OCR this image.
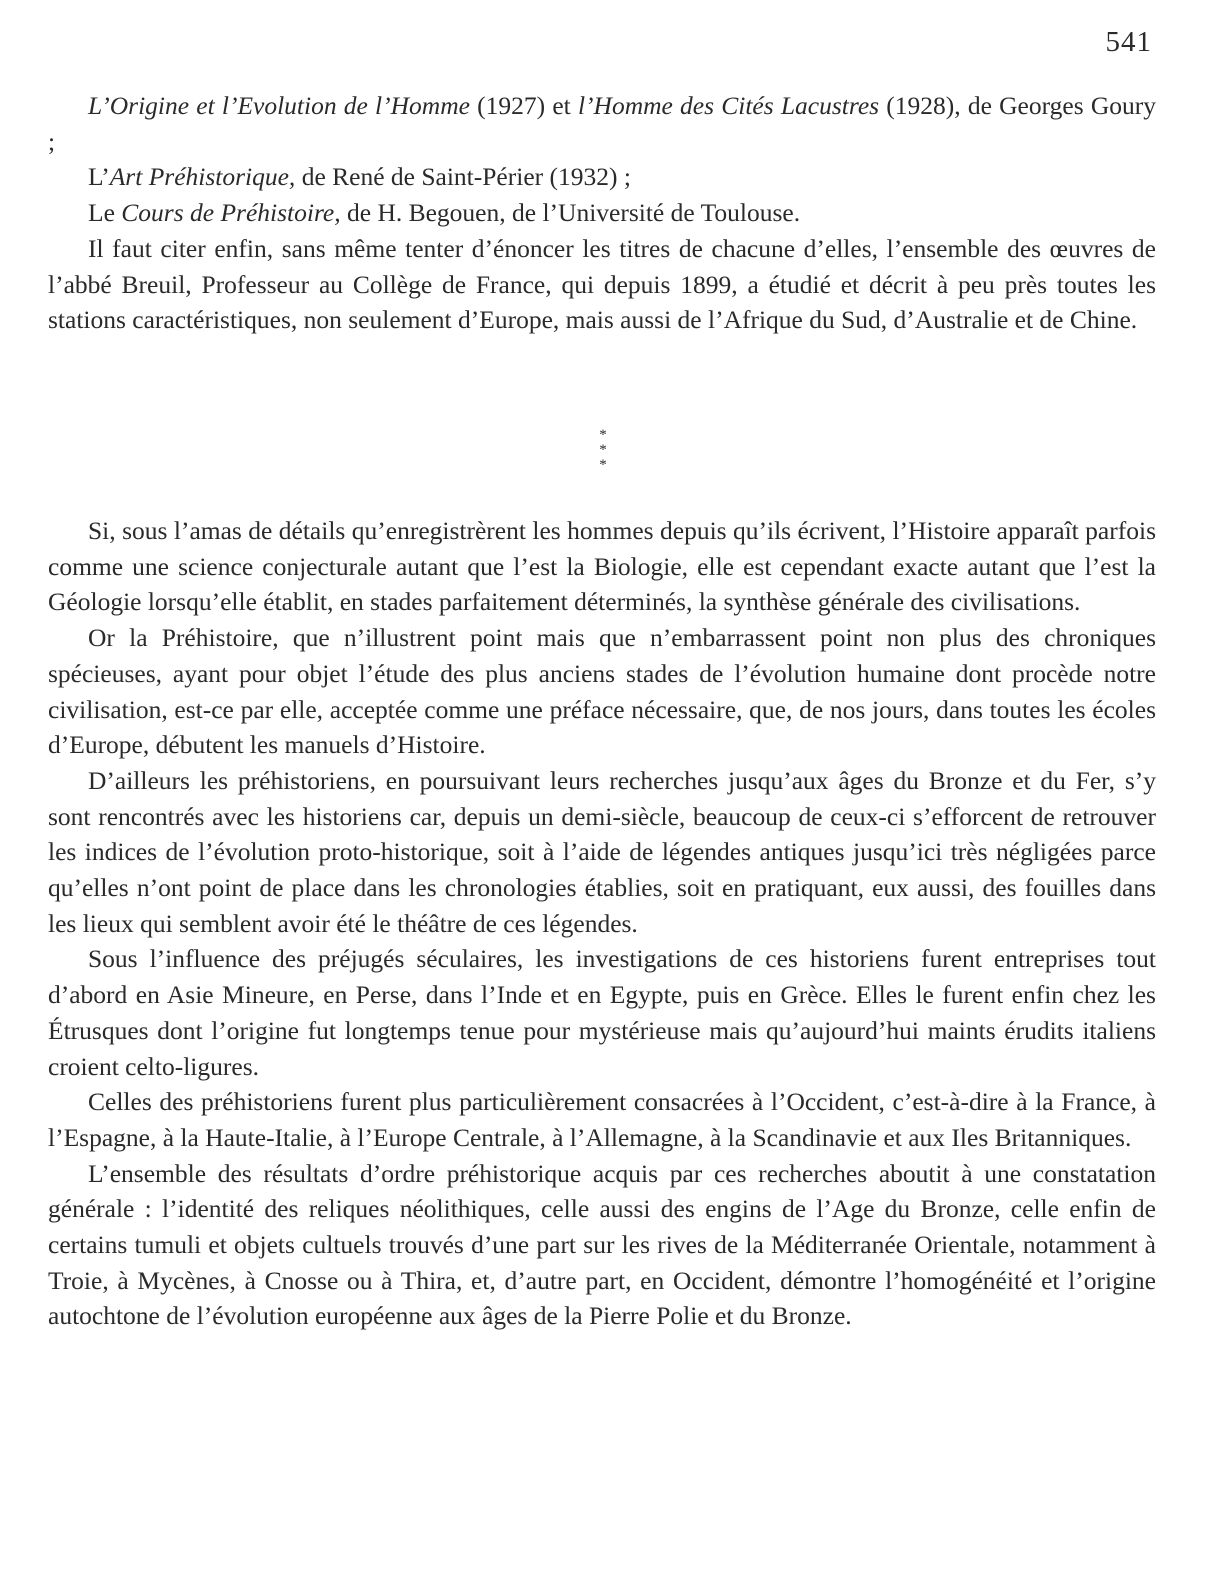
541

L’Origine et l’Evolution de l’Homme (1927) et l’Homme des Cités Lacustres (1928), de Georges Goury ;

L’Art Préhistorique, de René de Saint-Périer (1932) ;

Le Cours de Préhistoire, de H. Begouen, de l’Université de Toulouse.

Il faut citer enfin, sans même tenter d’énoncer les titres de chacune d’elles, l’ensemble des œuvres de l’abbé Breuil, Professeur au Collège de France, qui depuis 1899, a étudié et décrit à peu près toutes les stations caractéristiques, non seulement d’Europe, mais aussi de l’Afrique du Sud, d’Australie et de Chine.

*
* *

Si, sous l’amas de détails qu’enregistrèrent les hommes depuis qu’ils écrivent, l’Histoire apparaît parfois comme une science conjecturale autant que l’est la Biologie, elle est cependant exacte autant que l’est la Géologie lorsqu’elle établit, en stades parfaitement déterminés, la synthèse générale des civilisations.

Or la Préhistoire, que n’illustrent point mais que n’embarrassent point non plus des chroniques spécieuses, ayant pour objet l’étude des plus anciens stades de l’évolution humaine dont procède notre civilisation, est-ce par elle, acceptée comme une préface nécessaire, que, de nos jours, dans toutes les écoles d’Europe, débutent les manuels d’Histoire.

D’ailleurs les préhistoriens, en poursuivant leurs recherches jusqu’aux âges du Bronze et du Fer, s’y sont rencontrés avec les historiens car, depuis un demi-siècle, beaucoup de ceux-ci s’efforcent de retrouver les indices de l’évolution proto-historique, soit à l’aide de légendes antiques jusqu’ici très négligées parce qu’elles n’ont point de place dans les chronologies établies, soit en pratiquant, eux aussi, des fouilles dans les lieux qui semblent avoir été le théâtre de ces légendes.

Sous l’influence des préjugés séculaires, les investigations de ces historiens furent entreprises tout d’abord en Asie Mineure, en Perse, dans l’Inde et en Egypte, puis en Grèce. Elles le furent enfin chez les Étrusques dont l’origine fut longtemps tenue pour mystérieuse mais qu’aujourd’hui maints érudits italiens croient celto-ligures.

Celles des préhistoriens furent plus particulièrement consacrées à l’Occident, c’est-à-dire à la France, à l’Espagne, à la Haute-Italie, à l’Europe Centrale, à l’Allemagne, à la Scandinavie et aux Iles Britanniques.

L’ensemble des résultats d’ordre préhistorique acquis par ces recherches aboutit à une constatation générale : l’identité des reliques néolithiques, celle aussi des engins de l’Age du Bronze, celle enfin de certains tumuli et objets cultuels trouvés d’une part sur les rives de la Méditerranée Orientale, notamment à Troie, à Mycènes, à Cnosse ou à Thira, et, d’autre part, en Occident, démontre l’homogénéité et l’origine autochtone de l’évolution européenne aux âges de la Pierre Polie et du Bronze.
